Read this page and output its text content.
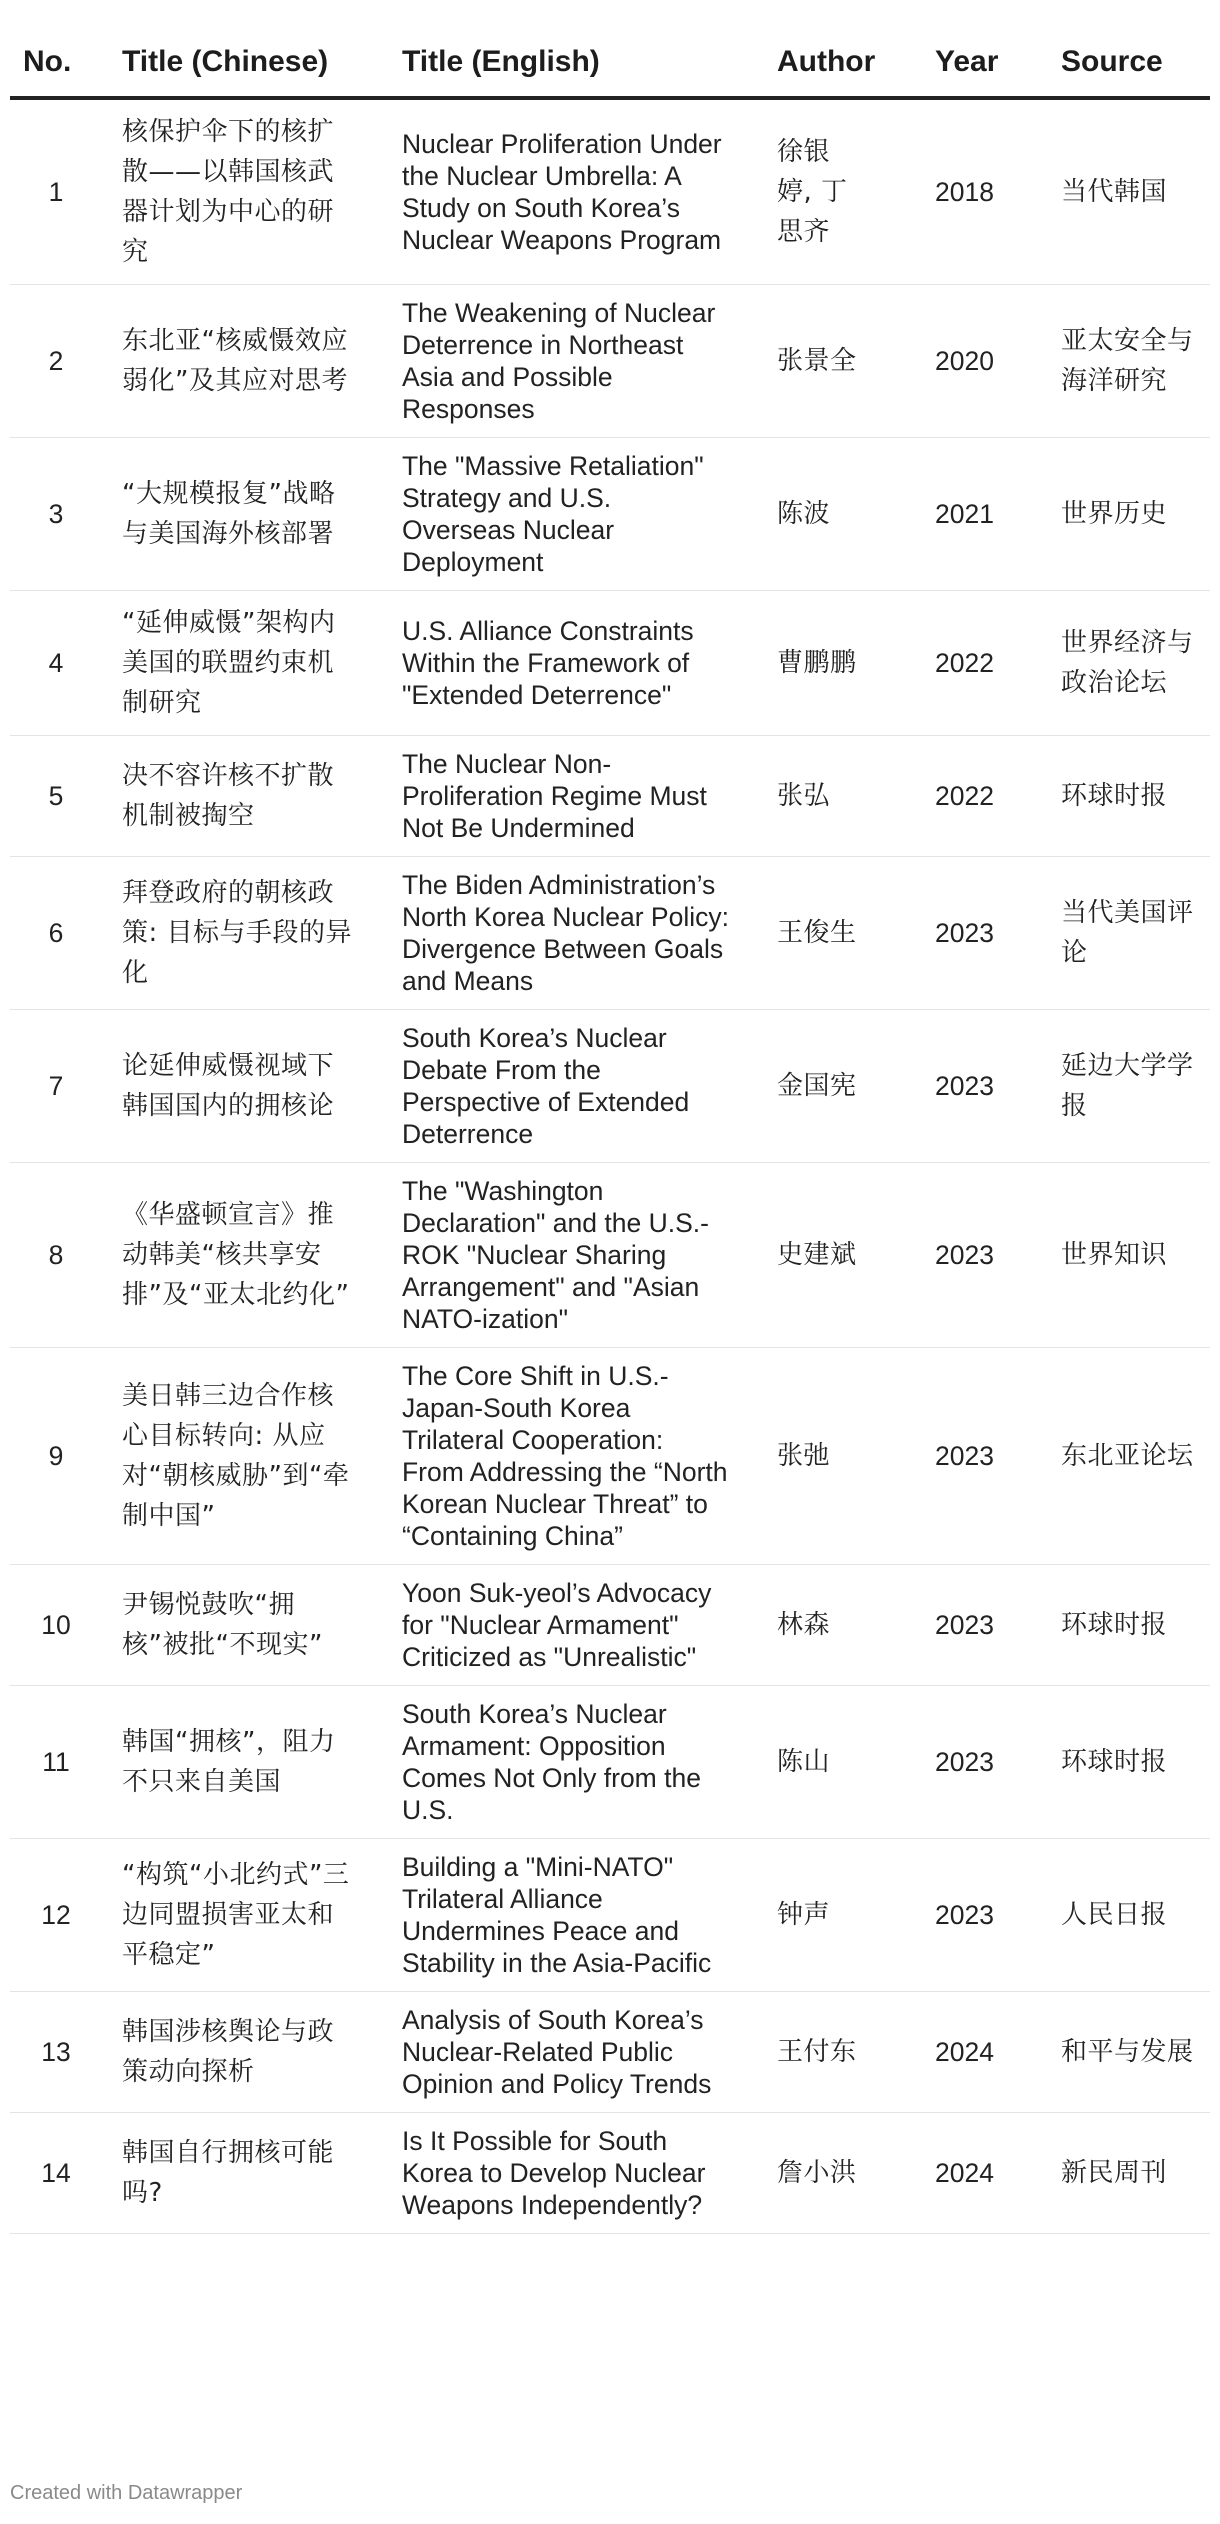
No.	Title (Chinese)	Title (English)	Author	Year	Source
1	核保护伞下的核扩散——以韩国核武器计划为中心的研究	Nuclear Proliferation Under the Nuclear Umbrella: A Study on South Korea’s Nuclear Weapons Program	徐银婷, 丁思齐	2018	当代韩国
2	东北亚“核威慑效应弱化”及其应对思考	The Weakening of Nuclear Deterrence in Northeast Asia and Possible Responses	张景全	2020	亚太安全与海洋研究
3	“大规模报复”战略与美国海外核部署	The "Massive Retaliation" Strategy and U.S. Overseas Nuclear Deployment	陈波	2021	世界历史
4	“延伸威慑”架构内美国的联盟约束机制研究	U.S. Alliance Constraints Within the Framework of "Extended Deterrence"	曹鹏鹏	2022	世界经济与政治论坛
5	决不容许核不扩散机制被掏空	The Nuclear Non-Proliferation Regime Must Not Be Undermined	张弘	2022	环球时报
6	拜登政府的朝核政策: 目标与手段的异化	The Biden Administration’s North Korea Nuclear Policy: Divergence Between Goals and Means	王俊生	2023	当代美国评论
7	论延伸威慑视域下韩国国内的拥核论	South Korea’s Nuclear Debate From the Perspective of Extended Deterrence	金国宪	2023	延边大学学报
8	《华盛顿宣言》推动韩美“核共享安排”及“亚太北约化”	The "Washington Declaration" and the U.S.-ROK "Nuclear Sharing Arrangement" and "Asian NATO-ization"	史建斌	2023	世界知识
9	美日韩三边合作核心目标转向: 从应对“朝核威胁”到“牵制中国”	The Core Shift in U.S.-Japan-South Korea Trilateral Cooperation: From Addressing the “North Korean Nuclear Threat” to “Containing China”	张弛	2023	东北亚论坛
10	尹锡悦鼓吹“拥核”被批“不现实”	Yoon Suk-yeol’s Advocacy for "Nuclear Armament" Criticized as "Unrealistic"	林森	2023	环球时报
11	韩国“拥核”，阻力不只来自美国	South Korea’s Nuclear Armament: Opposition Comes Not Only from the U.S.	陈山	2023	环球时报
12	“构筑“小北约式”三边同盟损害亚太和平稳定”	Building a "Mini-NATO" Trilateral Alliance Undermines Peace and Stability in the Asia-Pacific	钟声	2023	人民日报
13	韩国涉核舆论与政策动向探析	Analysis of South Korea’s Nuclear-Related Public Opinion and Policy Trends	王付东	2024	和平与发展
14	韩国自行拥核可能吗?	Is It Possible for South Korea to Develop Nuclear Weapons Independently?	詹小洪	2024	新民周刊
Created with Datawrapper
